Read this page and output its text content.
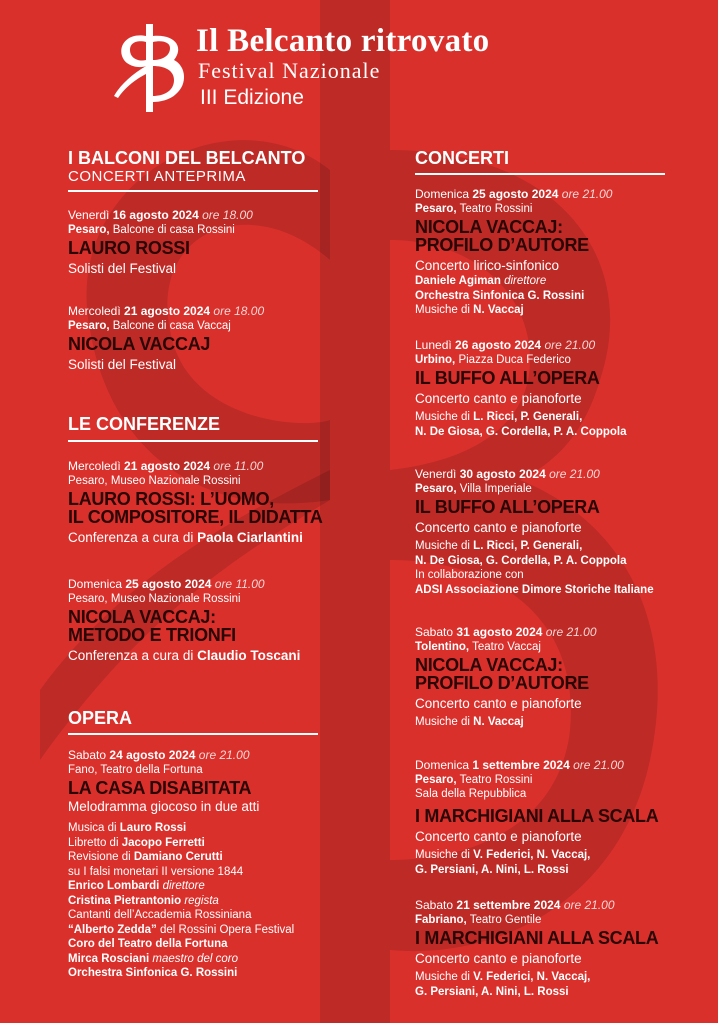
Il Belcanto ritrovato
Festival Nazionale
III Edizione
I BALCONI DEL BELCANTO
CONCERTI ANTEPRIMA
Venerdì 16 agosto 2024 ore 18.00
Pesaro, Balcone di casa Rossini
LAURO ROSSI
Solisti del Festival
Mercoledì 21 agosto 2024 ore 18.00
Pesaro, Balcone di casa Vaccaj
NICOLA VACCAJ
Solisti del Festival
LE CONFERENZE
Mercoledì 21 agosto 2024 ore 11.00
Pesaro, Museo Nazionale Rossini
LAURO ROSSI: L’UOMO,
IL COMPOSITORE, IL DIDATTA
Conferenza a cura di Paola Ciarlantini
Domenica 25 agosto 2024 ore 11.00
Pesaro, Museo Nazionale Rossini
NICOLA VACCAJ:
METODO E TRIONFI
Conferenza a cura di Claudio Toscani
OPERA
Sabato 24 agosto 2024 ore 21.00
Fano, Teatro della Fortuna
LA CASA DISABITATA
Melodramma giocoso in due atti
Musica di Lauro Rossi
Libretto di Jacopo Ferretti
Revisione di Damiano Cerutti
su I falsi monetari II versione 1844
Enrico Lombardi direttore
Cristina Pietrantonio regista
Cantanti dell’Accademia Rossiniana
“Alberto Zedda” del Rossini Opera Festival
Coro del Teatro della Fortuna
Mirca Rosciani maestro del coro
Orchestra Sinfonica G. Rossini
CONCERTI
Domenica 25 agosto 2024 ore 21.00
Pesaro, Teatro Rossini
NICOLA VACCAJ:
PROFILO D’AUTORE
Concerto lirico-sinfonico
Daniele Agiman direttore
Orchestra Sinfonica G. Rossini
Musiche di N. Vaccaj
Lunedì 26 agosto 2024 ore 21.00
Urbino, Piazza Duca Federico
IL BUFFO ALL’OPERA
Concerto canto e pianoforte
Musiche di L. Ricci, P. Generali,
N. De Giosa, G. Cordella, P. A. Coppola
Venerdì 30 agosto 2024 ore 21.00
Pesaro, Villa Imperiale
IL BUFFO ALL’OPERA
Concerto canto e pianoforte
Musiche di L. Ricci, P. Generali,
N. De Giosa, G. Cordella, P. A. Coppola
In collaborazione con
ADSI Associazione Dimore Storiche Italiane
Sabato 31 agosto 2024 ore 21.00
Tolentino, Teatro Vaccaj
NICOLA VACCAJ:
PROFILO D’AUTORE
Concerto canto e pianoforte
Musiche di N. Vaccaj
Domenica 1 settembre 2024 ore 21.00
Pesaro, Teatro Rossini
Sala della Repubblica
I MARCHIGIANI ALLA SCALA
Concerto canto e pianoforte
Musiche di V. Federici, N. Vaccaj,
G. Persiani, A. Nini, L. Rossi
Sabato 21 settembre 2024 ore 21.00
Fabriano, Teatro Gentile
I MARCHIGIANI ALLA SCALA
Concerto canto e pianoforte
Musiche di V. Federici, N. Vaccaj,
G. Persiani, A. Nini, L. Rossi
